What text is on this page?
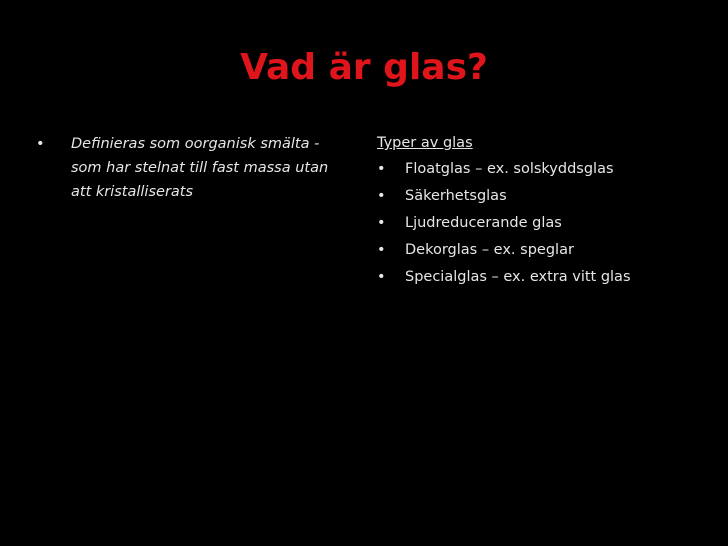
Vad är glas?
•	Definieras som oorganisk smälta - som har stelnat till fast massa utan att kristalliserats
Typer av glas
•	Floatglas – ex. solskyddsglas
•	Säkerhetsglas
•	Ljudreducerande glas
•	Dekorglas – ex. speglar
•	Specialglas – ex. extra vitt glas
